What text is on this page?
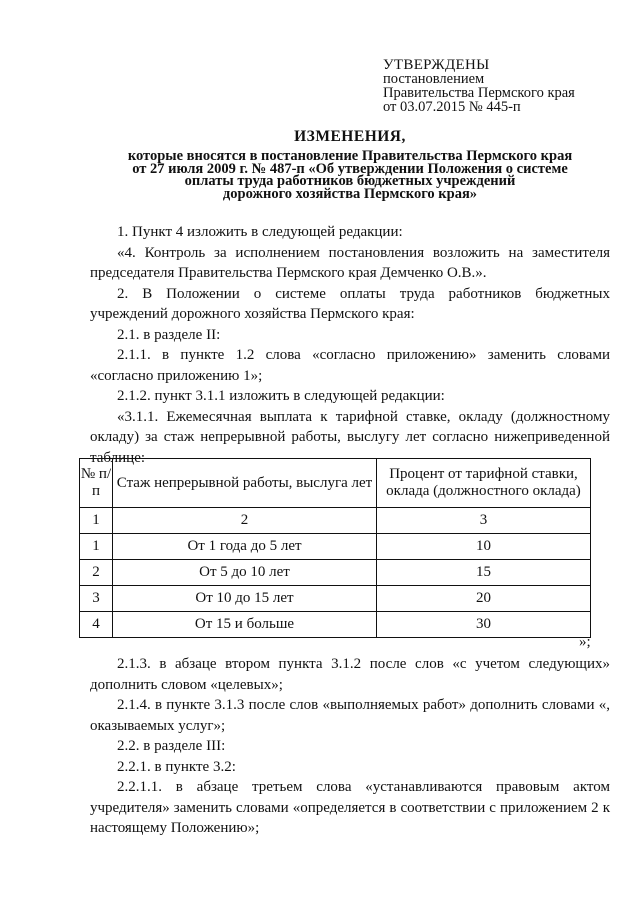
УТВЕРЖДЕНЫ
постановлением
Правительства Пермского края
от 03.07.2015 № 445-п
ИЗМЕНЕНИЯ,
которые вносятся в постановление Правительства Пермского края
от 27 июля 2009 г. № 487-п «Об утверждении Положения о системе
оплаты труда работников бюджетных учреждений
дорожного хозяйства Пермского края»

1. Пункт 4 изложить в следующей редакции:

«4. Контроль за исполнением постановления возложить на заместителя председателя Правительства Пермского края Демченко О.В.».

2. В Положении о системе оплаты труда работников бюджетных учреждений дорожного хозяйства Пермского края:

2.1. в разделе II:

2.1.1. в пункте 1.2 слова «согласно приложению» заменить словами «согласно приложению 1»;

2.1.2. пункт 3.1.1 изложить в следующей редакции:

«3.1.1. Ежемесячная выплата к тарифной ставке, окладу (должностному окладу) за стаж непрерывной работы, выслугу лет согласно нижеприведенной таблице:

№ п/п	Стаж непрерывной работы, выслуга лет	Процент от тарифной ставки, оклада (должностного оклада)
1	2	3
1	От 1 года до 5 лет	10
2	От 5 до 10 лет	15
3	От 10 до 15 лет	20
4	От 15 и больше	30
»;

2.1.3. в абзаце втором пункта 3.1.2 после слов «с учетом следующих» дополнить словом «целевых»;

2.1.4. в пункте 3.1.3 после слов «выполняемых работ» дополнить словами «, оказываемых услуг»;

2.2. в разделе III:

2.2.1. в пункте 3.2:

2.2.1.1. в абзаце третьем слова «устанавливаются правовым актом учредителя» заменить словами «определяется в соответствии с приложением 2 к настоящему Положению»;
